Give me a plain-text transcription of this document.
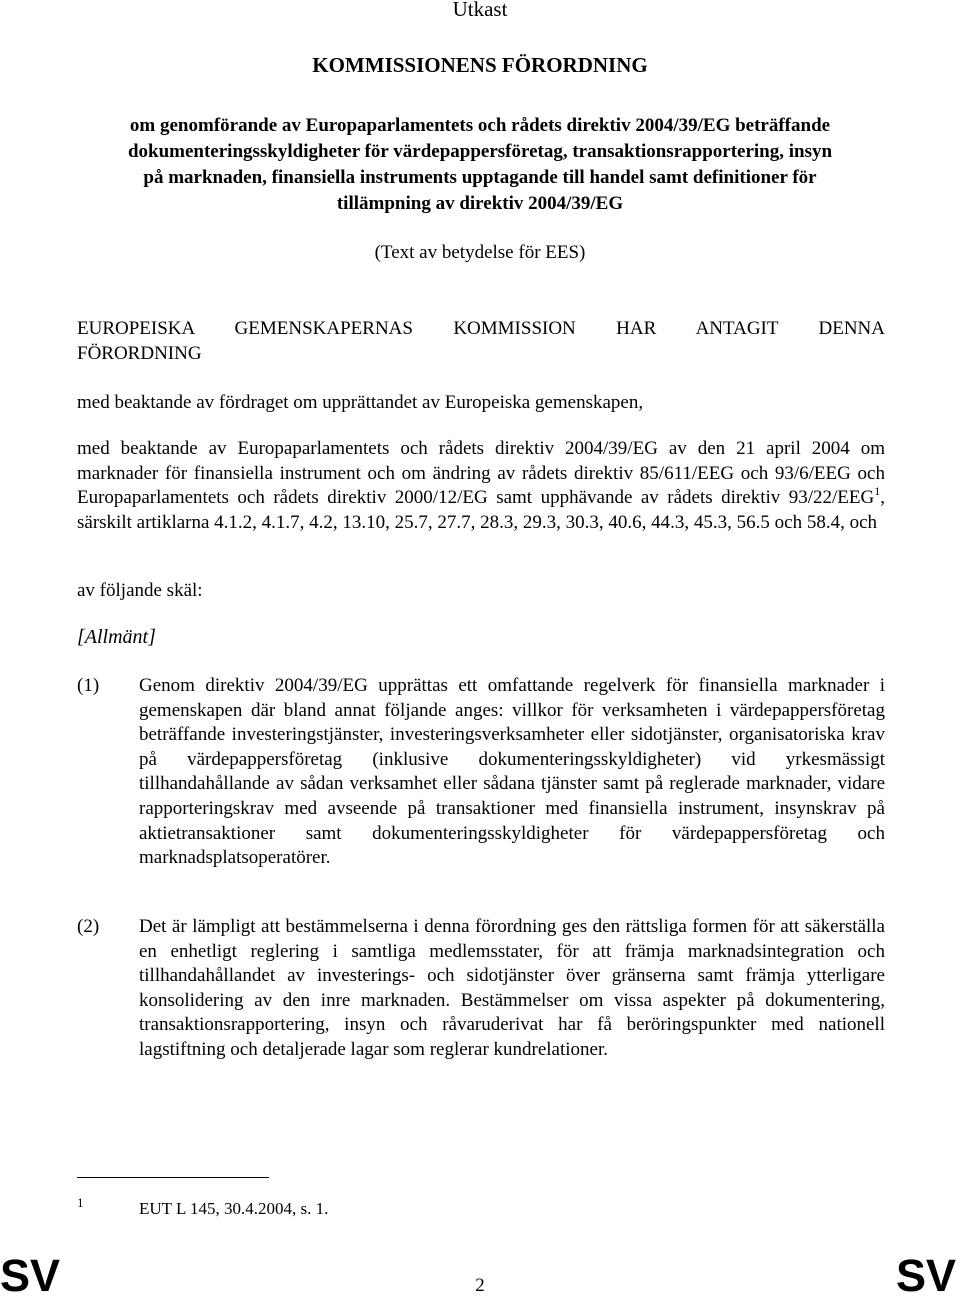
Utkast
KOMMISSIONENS FÖRORDNING
om genomförande av Europaparlamentets och rådets direktiv 2004/39/EG beträffande
dokumenteringsskyldigheter för värdepappersföretag, transaktionsrapportering, insyn
på marknaden, finansiella instruments upptagande till handel samt definitioner för
tillämpning av direktiv 2004/39/EG
(Text av betydelse för EES)
EUROPEISKA GEMENSKAPERNAS KOMMISSION HAR ANTAGIT DENNA
FÖRORDNING
med beaktande av fördraget om upprättandet av Europeiska gemenskapen,
med beaktande av Europaparlamentets och rådets direktiv 2004/39/EG av den 21 april 2004 om marknader för finansiella instrument och om ändring av rådets direktiv 85/611/EEG och 93/6/EEG och Europaparlamentets och rådets direktiv 2000/12/EG samt upphävande av rådets direktiv 93/22/EEG$^1$, särskilt artiklarna 4.1.2, 4.1.7, 4.2, 13.10, 25.7, 27.7, 28.3, 29.3, 30.3, 40.6, 44.3, 45.3, 56.5 och 58.4, och
av följande skäl:
[Allmänt]
(1) Genom direktiv 2004/39/EG upprättas ett omfattande regelverk för finansiella marknader i gemenskapen där bland annat följande anges: villkor för verksamheten i värdepappersföretag beträffande investeringstjänster, investeringsverksamheter eller sidotjänster, organisatoriska krav på värdepappersföretag (inklusive dokumenteringsskyldigheter) vid yrkesmässigt tillhandahållande av sådan verksamhet eller sådana tjänster samt på reglerade marknader, vidare rapporteringskrav med avseende på transaktioner med finansiella instrument, insynskrav på aktietransaktioner samt dokumenteringsskyldigheter för värdepappersföretag och marknadsplatsoperatörer.
(2) Det är lämpligt att bestämmelserna i denna förordning ges den rättsliga formen för att säkerställa en enhetligt reglering i samtliga medlemsstater, för att främja marknadsintegration och tillhandahållandet av investerings- och sidotjänster över gränserna samt främja ytterligare konsolidering av den inre marknaden. Bestämmelser om vissa aspekter på dokumentering, transaktionsrapportering, insyn och råvaruderivat har få beröringspunkter med nationell lagstiftning och detaljerade lagar som reglerar kundrelationer.
1	EUT L 145, 30.4.2004, s. 1.
SV	2	SV
